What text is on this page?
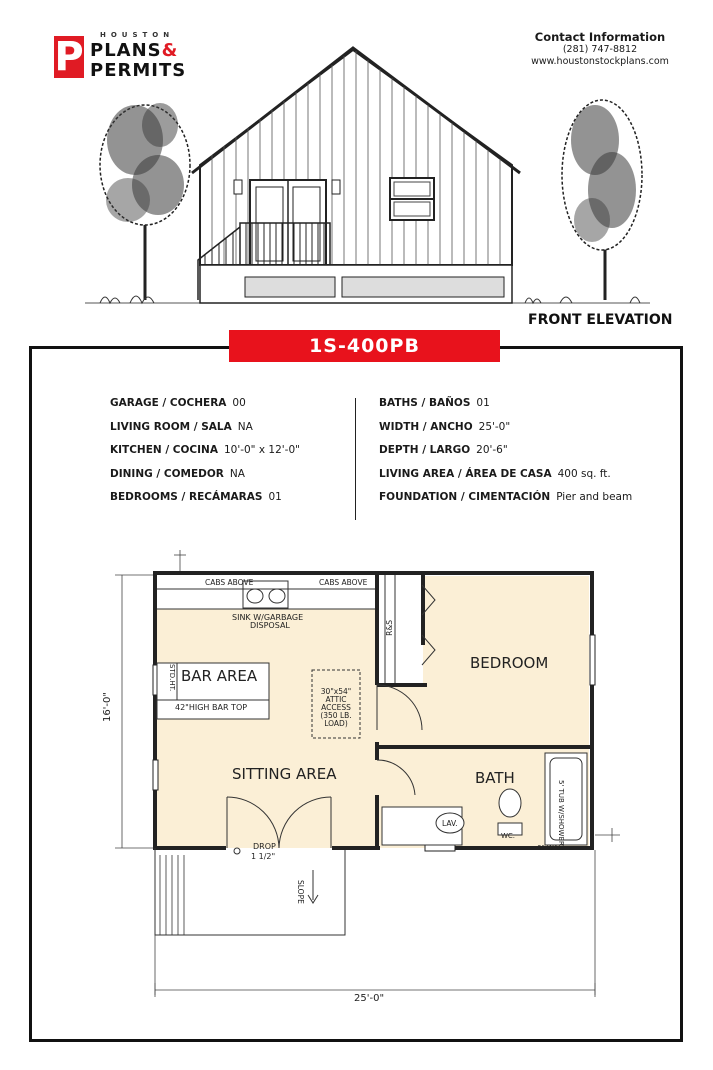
P HOUSTON
PLANS&
PERMITS
Contact Information
(281) 747-8812
www.houstonstockplans.com
FRONT ELEVATION
1S-400PB
GARAGE / COCHERA 00
LIVING ROOM / SALA NA
KITCHEN / COCINA 10'-0" x 12'-0"
DINING / COMEDOR NA
BEDROOMS / RECÁMARAS 01
BATHS / BAÑOS 01
WIDTH / ANCHO 25'-0"
DEPTH / LARGO 20'-6"
LIVING AREA / ÁREA DE CASA 400 sq. ft.
FOUNDATION / CIMENTACIÓN Pier and beam
CABS ABOVE	CABS ABOVE
SINK W/GARBAGE
DISPOSAL
BAR AREA
STD.HT.
42"HIGH BAR TOP
30"x54"
ATTIC
ACCESS
(350 LB.
LOAD)
SITTING AREA
BEDROOM
R&S
BATH
5' TUB W/SHOWER
LAV.
WC.
6" WALL
DROP
1 1/2"
SLOPE
25'-0"
16'-0"
